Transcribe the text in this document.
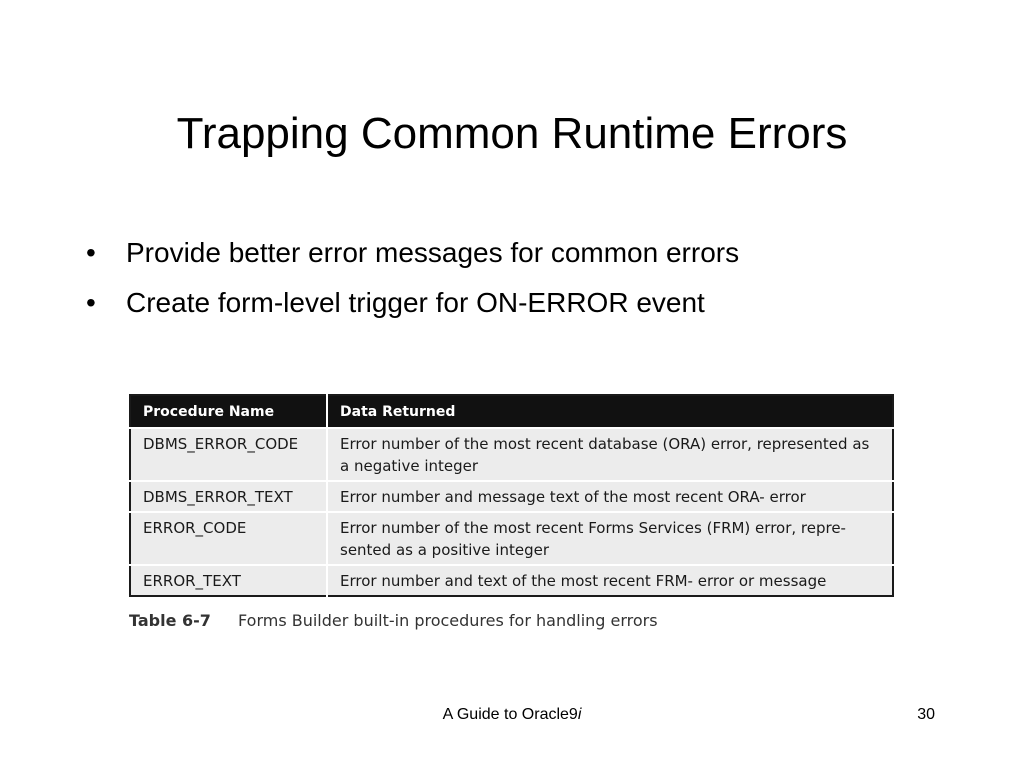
Trapping Common Runtime Errors
• Provide better error messages for common errors
• Create form-level trigger for ON-ERROR event
Procedure Name	Data Returned
DBMS_ERROR_CODE	Error number of the most recent database (ORA) error, represented as a negative integer
DBMS_ERROR_TEXT	Error number and message text of the most recent ORA- error
ERROR_CODE	Error number of the most recent Forms Services (FRM) error, repre-sented as a positive integer
ERROR_TEXT	Error number and text of the most recent FRM- error or message
Table 6-7 Forms Builder built-in procedures for handling errors
A Guide to Oracle9i	30
